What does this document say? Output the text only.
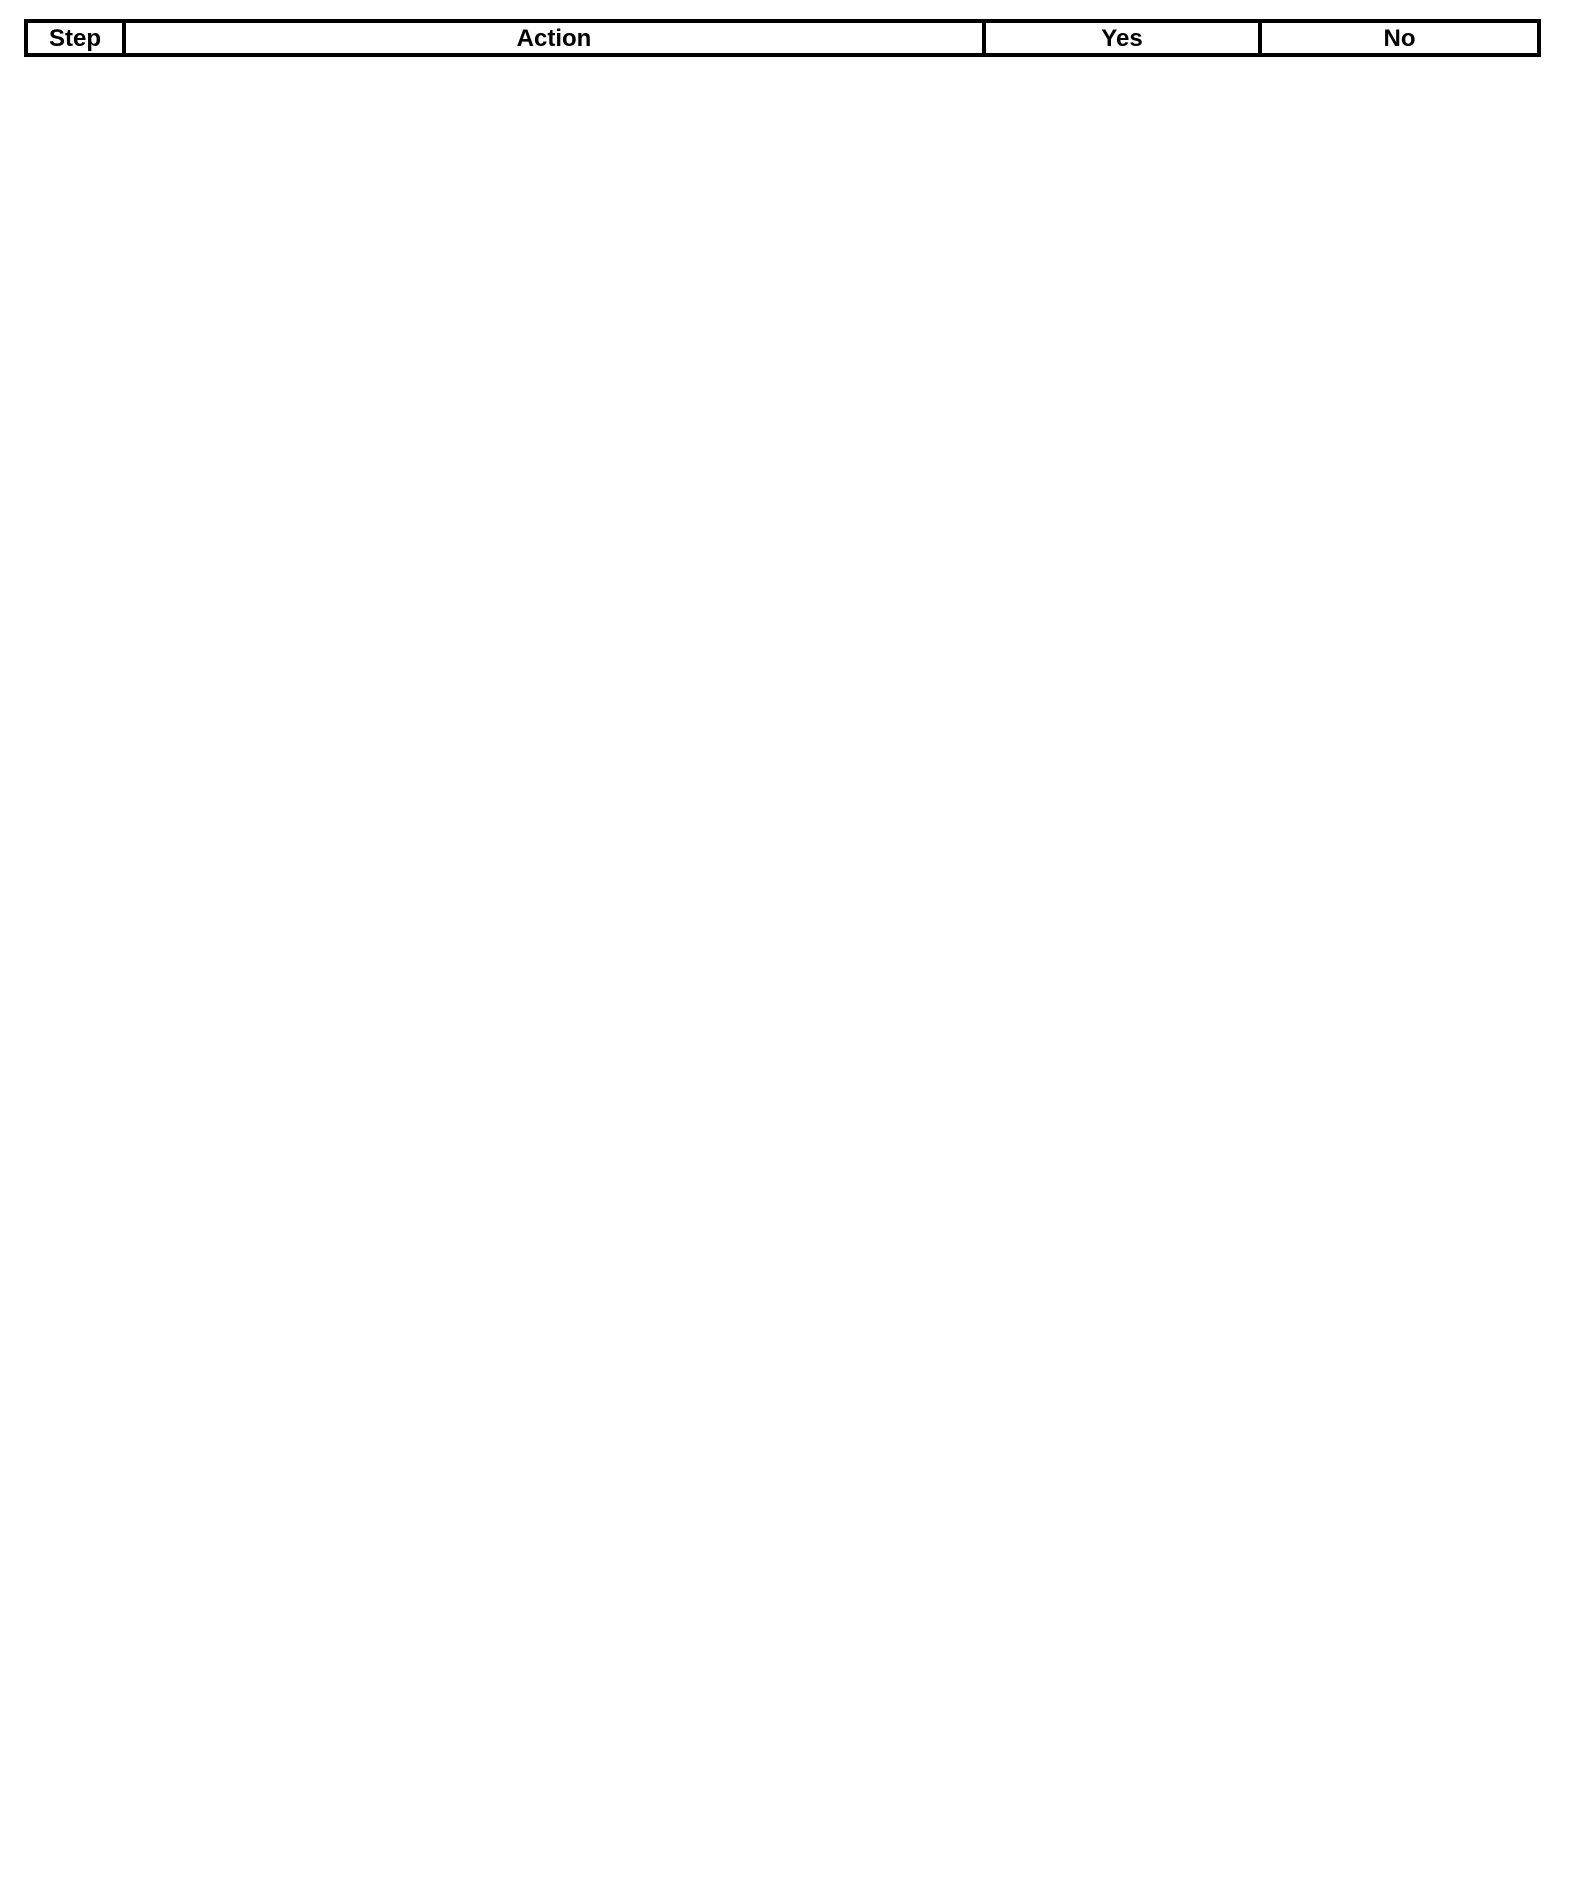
Step	Action	Yes	No
